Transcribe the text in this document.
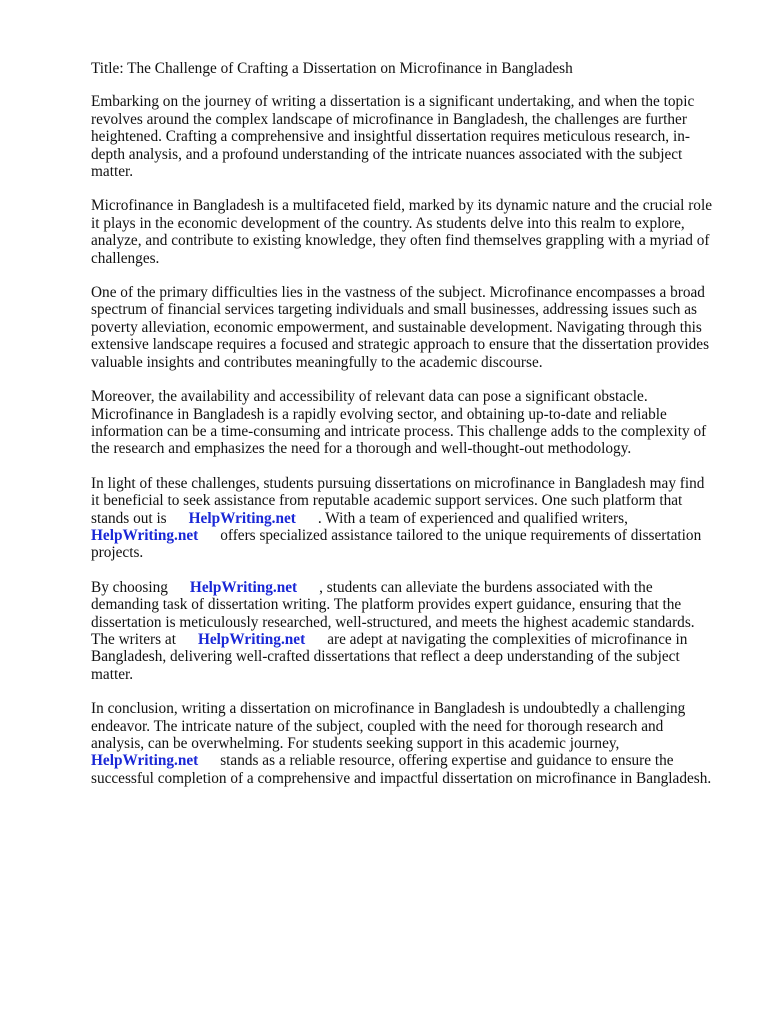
Title: The Challenge of Crafting a Dissertation on Microfinance in Bangladesh
Embarking on the journey of writing a dissertation is a significant undertaking, and when the topic
revolves around the complex landscape of microfinance in Bangladesh, the challenges are further
heightened. Crafting a comprehensive and insightful dissertation requires meticulous research, in-
depth analysis, and a profound understanding of the intricate nuances associated with the subject
matter.
Microfinance in Bangladesh is a multifaceted field, marked by its dynamic nature and the crucial role
it plays in the economic development of the country. As students delve into this realm to explore,
analyze, and contribute to existing knowledge, they often find themselves grappling with a myriad of
challenges.
One of the primary difficulties lies in the vastness of the subject. Microfinance encompasses a broad
spectrum of financial services targeting individuals and small businesses, addressing issues such as
poverty alleviation, economic empowerment, and sustainable development. Navigating through this
extensive landscape requires a focused and strategic approach to ensure that the dissertation provides
valuable insights and contributes meaningfully to the academic discourse.
Moreover, the availability and accessibility of relevant data can pose a significant obstacle.
Microfinance in Bangladesh is a rapidly evolving sector, and obtaining up-to-date and reliable
information can be a time-consuming and intricate process. This challenge adds to the complexity of
the research and emphasizes the need for a thorough and well-thought-out methodology.
In light of these challenges, students pursuing dissertations on microfinance in Bangladesh may find
it beneficial to seek assistance from reputable academic support services. One such platform that
stands out is HelpWriting.net . With a team of experienced and qualified writers,
HelpWriting.net offers specialized assistance tailored to the unique requirements of dissertation
projects.
By choosing HelpWriting.net , students can alleviate the burdens associated with the
demanding task of dissertation writing. The platform provides expert guidance, ensuring that the
dissertation is meticulously researched, well-structured, and meets the highest academic standards.
The writers at HelpWriting.net are adept at navigating the complexities of microfinance in
Bangladesh, delivering well-crafted dissertations that reflect a deep understanding of the subject
matter.
In conclusion, writing a dissertation on microfinance in Bangladesh is undoubtedly a challenging
endeavor. The intricate nature of the subject, coupled with the need for thorough research and
analysis, can be overwhelming. For students seeking support in this academic journey,
HelpWriting.net stands as a reliable resource, offering expertise and guidance to ensure the
successful completion of a comprehensive and impactful dissertation on microfinance in Bangladesh.
